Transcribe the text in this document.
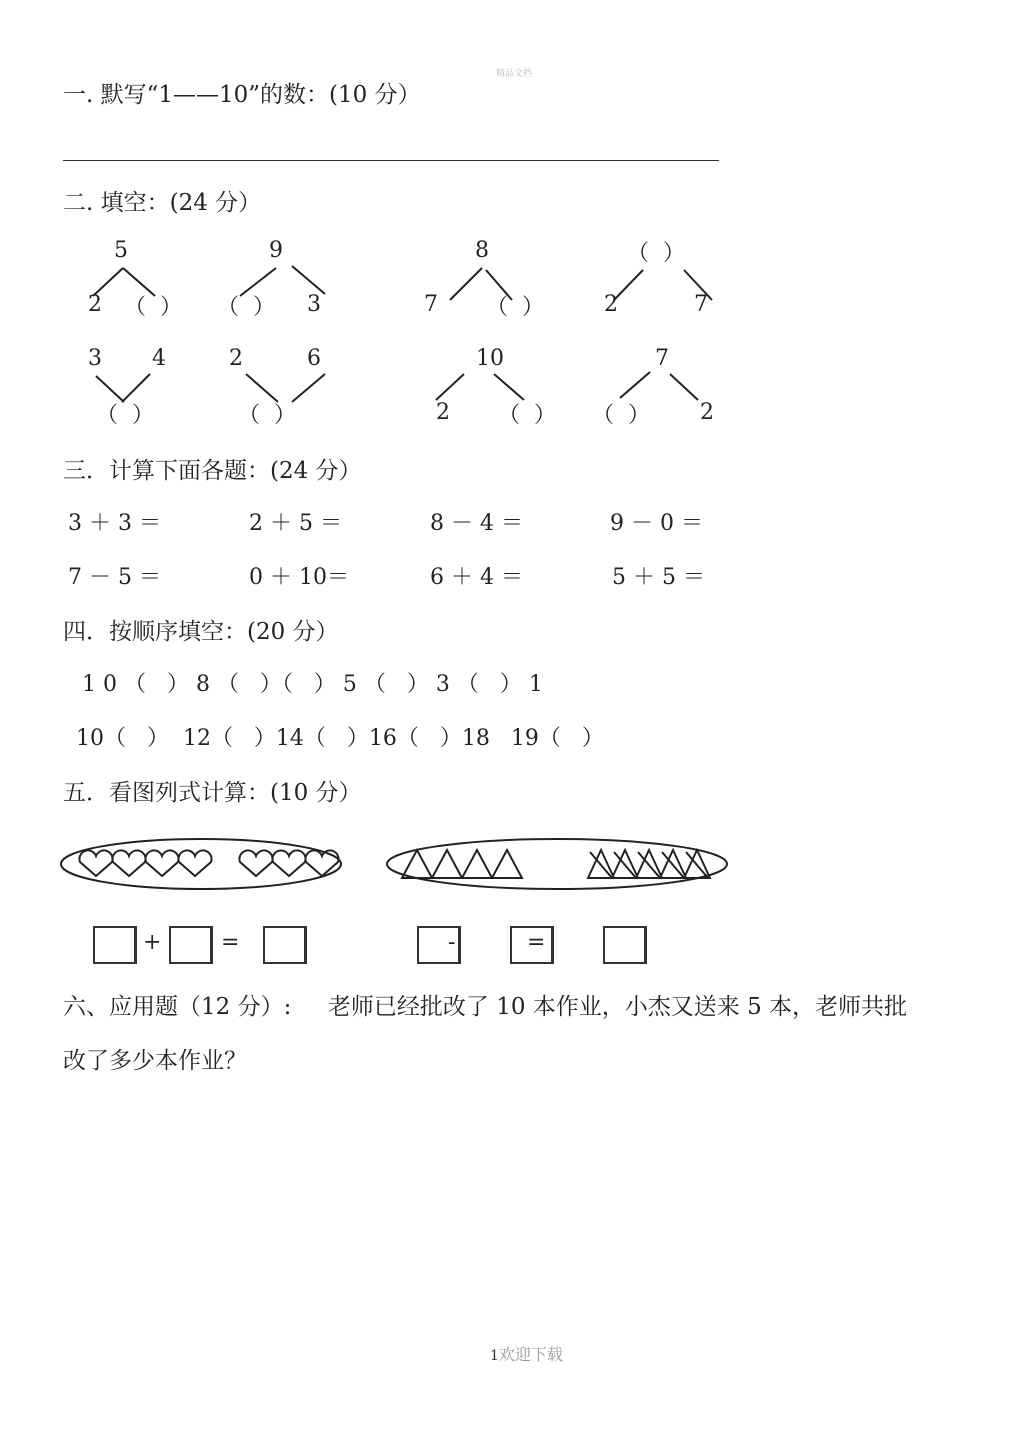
精品文档
一. 默写“1——10”的数：(10 分）
二. 填空：(24 分）
5
2 （  ）
9
（  ） 3
8
7 （  ）
（  ）
2	7
3 4
（  ）
2	6
（  ）
10
2 （  ）
7
（  ） 2
三．计算下面各题：(24 分）
3 ＋ 3 ＝	2 ＋ 5 ＝	8 － 4 ＝	9 － 0 ＝
7 － 5 ＝	0 ＋ 10＝	6 ＋ 4 ＝	5 ＋ 5 ＝
四．按顺序填空：(20 分）
1 0 （   ） 8 （   ）（   ） 5 （   ） 3 （   ） 1
10（   ）  12（   ）14（   ）16（   ）18   19（   ）
五．看图列式计算：(10 分）
+	=	-	=
六、应用题（12 分）:     老师已经批改了 10 本作业，小杰又送来 5 本，老师共批
改了多少本作业？
1欢迎下载
